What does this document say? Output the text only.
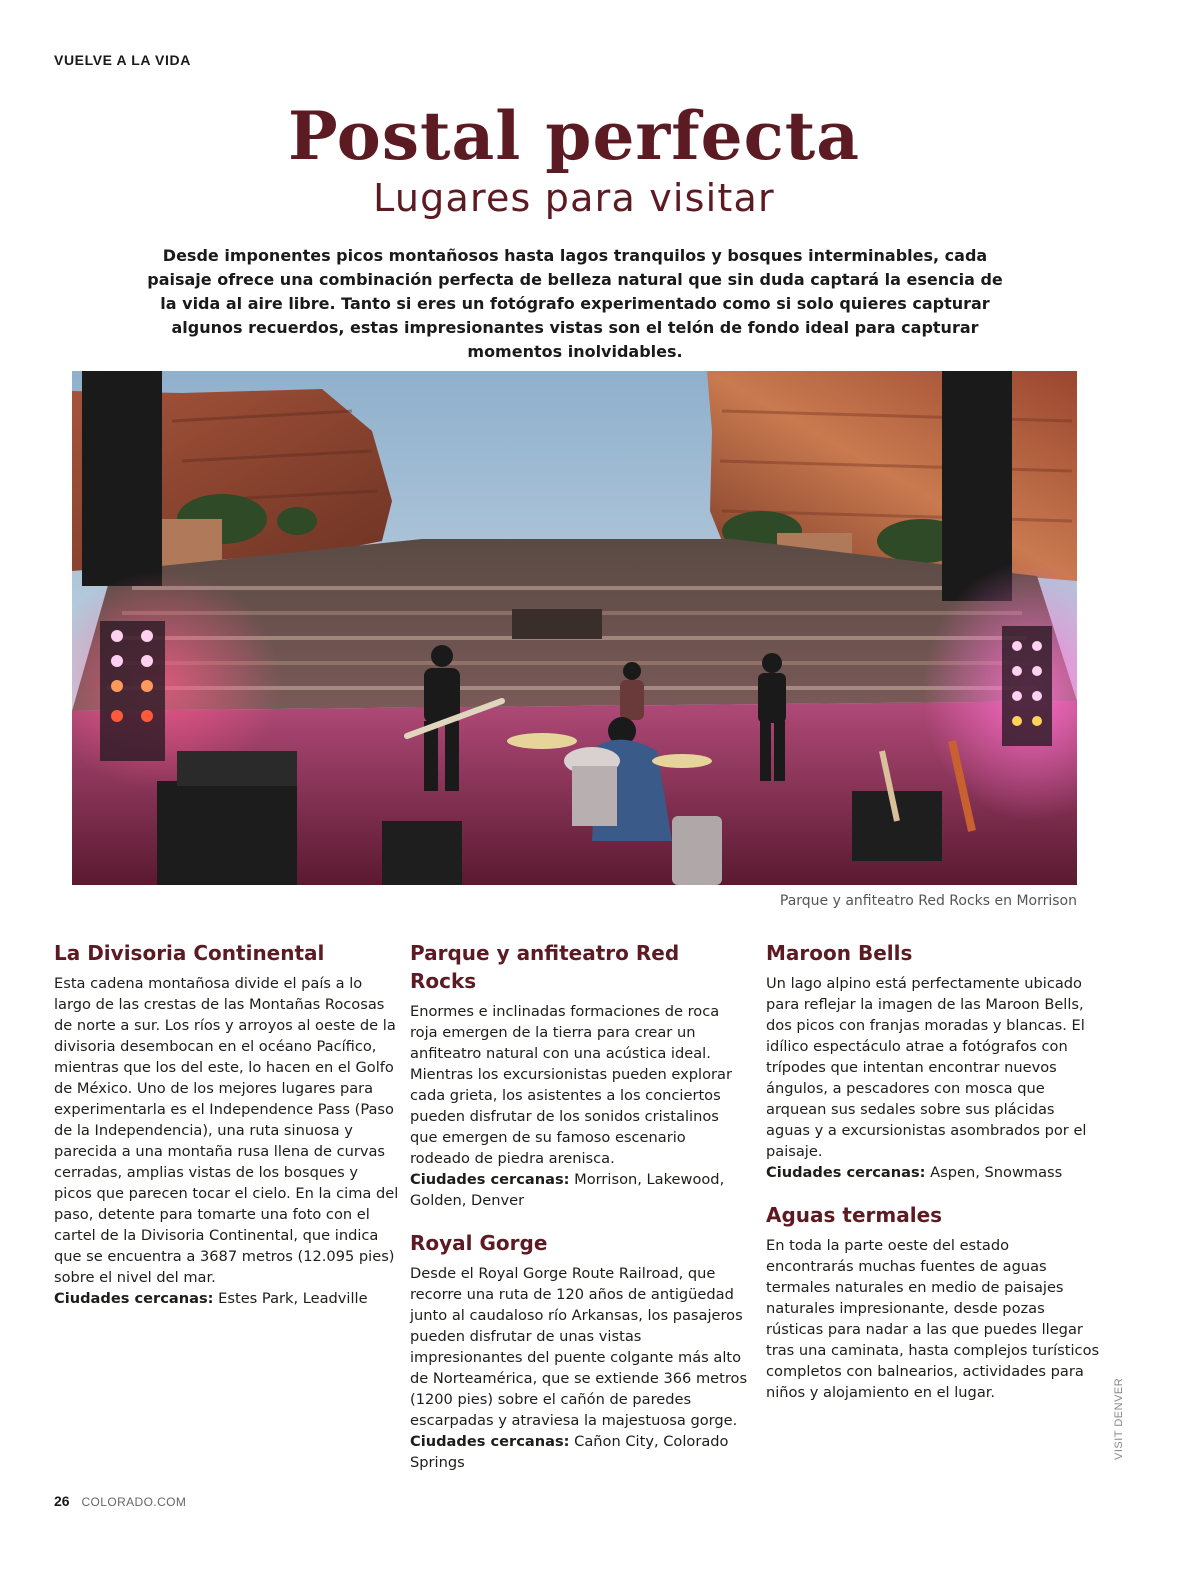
VUELVE A LA VIDA
Postal perfecta
Lugares para visitar
Desde imponentes picos montañosos hasta lagos tranquilos y bosques interminables, cada paisaje ofrece una combinación perfecta de belleza natural que sin duda captará la esencia de la vida al aire libre. Tanto si eres un fotógrafo experimentado como si solo quieres capturar algunos recuerdos, estas impresionantes vistas son el telón de fondo ideal para capturar momentos inolvidables.
Parque y anfiteatro Red Rocks en Morrison
La Divisoria Continental

Esta cadena montañosa divide el país a lo largo de las crestas de las Montañas Rocosas de norte a sur. Los ríos y arroyos al oeste de la divisoria desembocan en el océano Pacífico, mientras que los del este, lo hacen en el Golfo de México. Uno de los mejores lugares para experimentarla es el Independence Pass (Paso de la Independencia), una ruta sinuosa y parecida a una montaña rusa llena de curvas cerradas, amplias vistas de los bosques y picos que parecen tocar el cielo. En la cima del paso, detente para tomarte una foto con el cartel de la Divisoria Continental, que indica que se encuentra a 3687 metros (12.095 pies) sobre el nivel del mar.
Ciudades cercanas: Estes Park, Leadville

Parque y anfiteatro Red Rocks

Enormes e inclinadas formaciones de roca roja emergen de la tierra para crear un anfiteatro natural con una acústica ideal. Mientras los excursionistas pueden explorar cada grieta, los asistentes a los conciertos pueden disfrutar de los sonidos cristalinos que emergen de su famoso escenario rodeado de piedra arenisca.
Ciudades cercanas: Morrison, Lakewood, Golden, Denver

Royal Gorge

Desde el Royal Gorge Route Railroad, que recorre una ruta de 120 años de antigüedad junto al caudaloso río Arkansas, los pasajeros pueden disfrutar de unas vistas impresionantes del puente colgante más alto de Norteamérica, que se extiende 366 metros (1200 pies) sobre el cañón de paredes escarpadas y atraviesa la majestuosa gorge.
Ciudades cercanas: Cañon City, Colorado Springs

Maroon Bells

Un lago alpino está perfectamente ubicado para reflejar la imagen de las Maroon Bells, dos picos con franjas moradas y blancas. El idílico espectáculo atrae a fotógrafos con trípodes que intentan encontrar nuevos ángulos, a pescadores con mosca que arquean sus sedales sobre sus plácidas aguas y a excursionistas asombrados por el paisaje.
Ciudades cercanas: Aspen, Snowmass

Aguas termales

En toda la parte oeste del estado encontrarás muchas fuentes de aguas termales naturales en medio de paisajes naturales impresionante, desde pozas rústicas para nadar a las que puedes llegar tras una caminata, hasta complejos turísticos completos con balnearios, actividades para niños y alojamiento en el lugar.	VISIT DENVER
26 COLORADO.COM
